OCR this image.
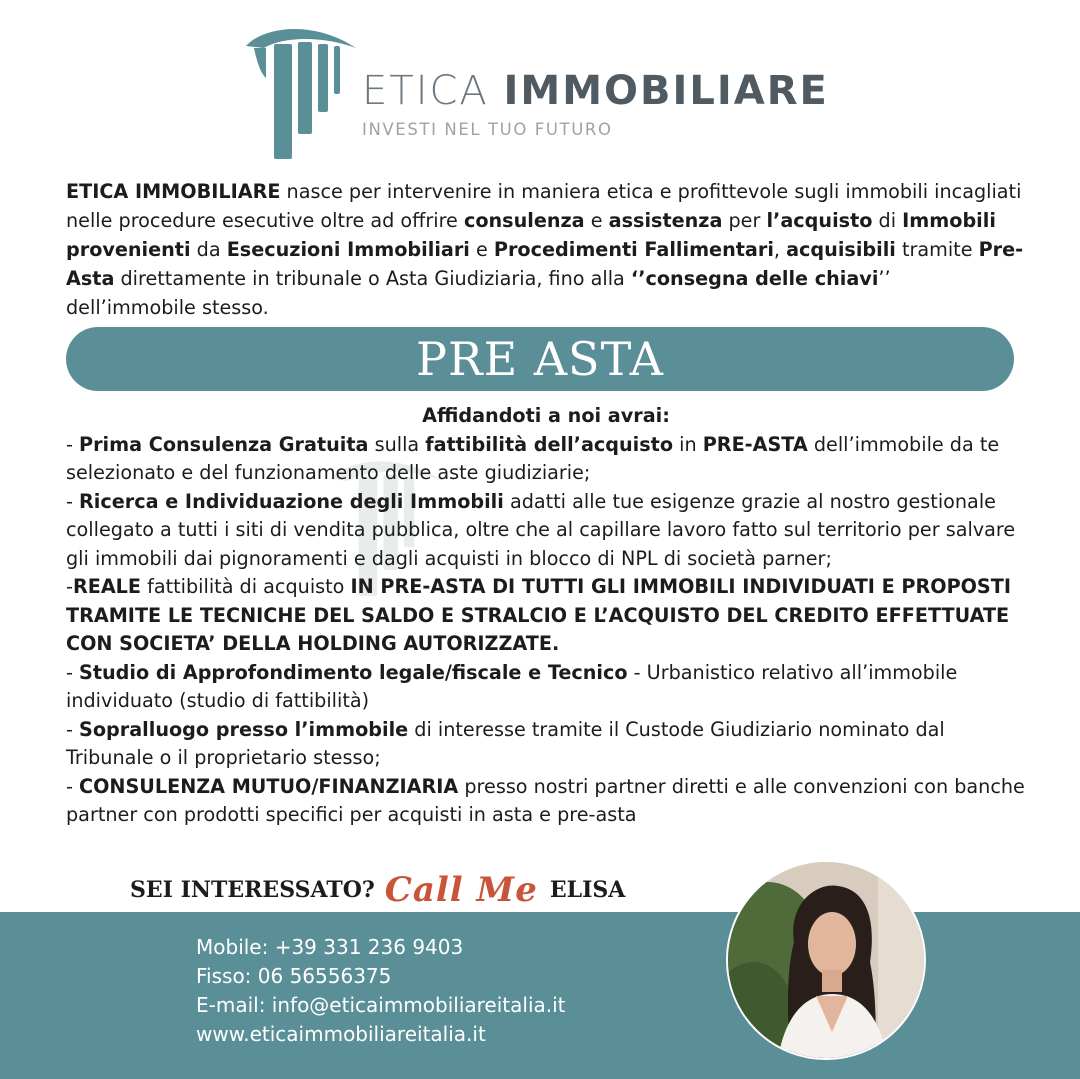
ETICA IMMOBILIARE
INVESTI NEL TUO FUTURO
ETICA IMMOBILIARE nasce per intervenire in maniera etica e profittevole sugli immobili incagliati nelle procedure esecutive oltre ad offrire consulenza e assistenza per l’acquisto di Immobili provenienti da Esecuzioni Immobiliari e Procedimenti Fallimentari, acquisibili tramite Pre-Asta direttamente in tribunale o Asta Giudiziaria, fino alla ‘’consegna delle chiavi’’ dell’immobile stesso.
PRE ASTA
Affidandoti a noi avrai:

- Prima Consulenza Gratuita sulla fattibilità dell’acquisto in PRE-ASTA dell’immobile da te selezionato e del funzionamento delle aste giudiziarie;

- Ricerca e Individuazione degli Immobili adatti alle tue esigenze grazie al nostro gestionale collegato a tutti i siti di vendita pubblica, oltre che al capillare lavoro fatto sul territorio per salvare gli immobili dai pignoramenti e dagli acquisti in blocco di NPL di società parner;

-REALE fattibilità di acquisto IN PRE-ASTA DI TUTTI GLI IMMOBILI INDIVIDUATI E PROPOSTI TRAMITE LE TECNICHE DEL SALDO E STRALCIO E L’ACQUISTO DEL CREDITO EFFETTUATE CON SOCIETA’ DELLA HOLDING AUTORIZZATE.

- Studio di Approfondimento legale/fiscale e Tecnico - Urbanistico relativo all’immobile individuato (studio di fattibilità)

- Sopralluogo presso l’immobile di interesse tramite il Custode Giudiziario nominato dal Tribunale o il proprietario stesso;

- CONSULENZA MUTUO/FINANZIARIA presso nostri partner diretti e alle convenzioni con banche partner con prodotti specifici per acquisti in asta e pre-asta

SEI INTERESSATO? Call Me ELISA
Mobile: +39 331 236 9403
Fisso: 06 56556375
E-mail: info@eticaimmobiliareitalia.it
www.eticaimmobiliareitalia.it
